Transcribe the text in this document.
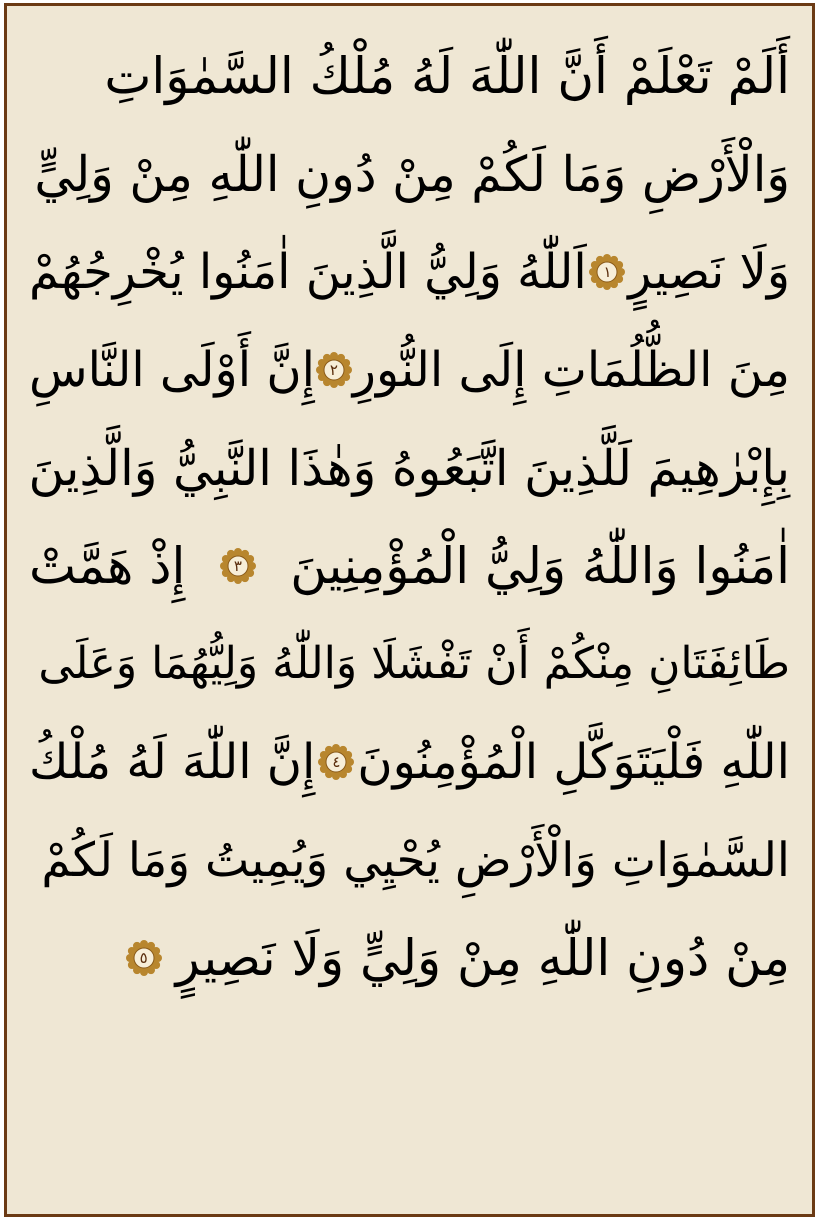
أَلَمْ تَعْلَمْ أَنَّ اللّٰهَ لَهُ مُلْكُ السَّمٰوَاتِ
وَالْأَرْضِ وَمَا لَكُمْ مِنْ دُونِ اللّٰهِ مِنْ وَلِيٍّ
وَلَا نَصِيرٍ
١
اَللّٰهُ وَلِيُّ الَّذِينَ اٰمَنُوا يُخْرِجُهُمْ
مِنَ الظُّلُمَاتِ إِلَى النُّورِ
٢
إِنَّ أَوْلَى النَّاسِ
بِإِبْرٰهِيمَ لَلَّذِينَ اتَّبَعُوهُ وَهٰذَا النَّبِيُّ وَالَّذِينَ
اٰمَنُوا وَاللّٰهُ وَلِيُّ الْمُؤْمِنِينَ
٣
إِذْ هَمَّتْ
طَائِفَتَانِ مِنْكُمْ أَنْ تَفْشَلَا وَاللّٰهُ وَلِيُّهُمَا وَعَلَى
اللّٰهِ فَلْيَتَوَكَّلِ الْمُؤْمِنُونَ
٤
إِنَّ اللّٰهَ لَهُ مُلْكُ
السَّمٰوَاتِ وَالْأَرْضِ يُحْيِي وَيُمِيتُ وَمَا لَكُمْ
مِنْ دُونِ اللّٰهِ مِنْ وَلِيٍّ وَلَا نَصِيرٍ
٥
